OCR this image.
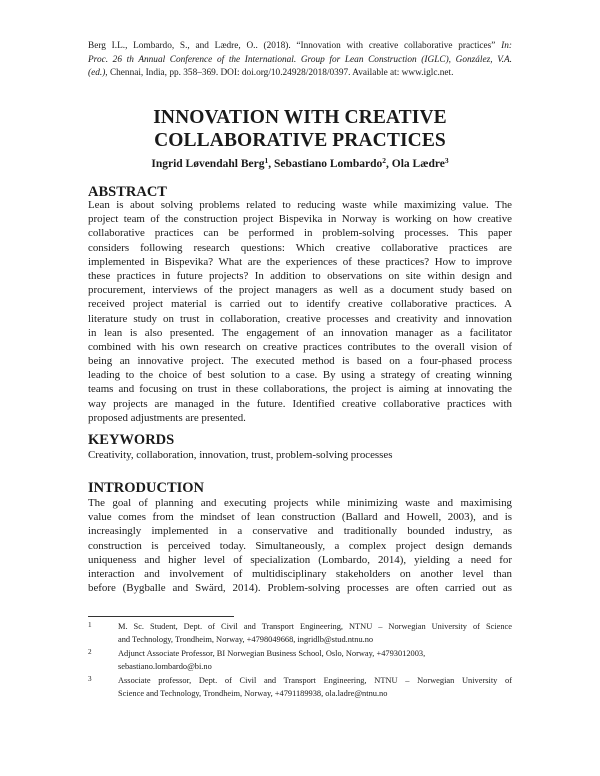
Berg I.L., Lombardo, S., and Lædre, O.. (2018). “Innovation with creative collaborative practices” In:
Proc. 26 th Annual Conference of the International. Group for Lean Construction (IGLC), González, V.A.
(ed.), Chennai, India, pp. 358–369. DOI: doi.org/10.24928/2018/0397. Available at: www.iglc.net.
INNOVATION WITH CREATIVE
COLLABORATIVE PRACTICES
Ingrid Løvendahl Berg$^1$, Sebastiano Lombardo$^2$, Ola Lædre$^3$
ABSTRACT
Lean is about solving problems related to reducing waste while maximizing value. The
project team of the construction project Bispevika in Norway is working on how creative
collaborative practices can be performed in problem-solving processes. This paper
considers following research questions: Which creative collaborative practices are
implemented in Bispevika? What are the experiences of these practices? How to improve
these practices in future projects? In addition to observations on site within design and
procurement, interviews of the project managers as well as a document study based on
received project material is carried out to identify creative collaborative practices. A
literature study on trust in collaboration, creative processes and creativity and innovation
in lean is also presented. The engagement of an innovation manager as a facilitator
combined with his own research on creative practices contributes to the overall vision of
being an innovative project. The executed method is based on a four-phased process
leading to the choice of best solution to a case. By using a strategy of creating winning
teams and focusing on trust in these collaborations, the project is aiming at innovating the
way projects are managed in the future. Identified creative collaborative practices with
proposed adjustments are presented.
KEYWORDS
Creativity, collaboration, innovation, trust, problem-solving processes
INTRODUCTION
The goal of planning and executing projects while minimizing waste and maximising
value comes from the mindset of lean construction (Ballard and Howell, 2003), and is
increasingly implemented in a conservative and traditionally bounded industry, as
construction is perceived today. Simultaneously, a complex project design demands
uniqueness and higher level of specialization (Lombardo, 2014), yielding a need for
interaction and involvement of multidisciplinary stakeholders on another level than
before (Bygballe and Swärd, 2014). Problem-solving processes are often carried out as
1	M. Sc. Student, Dept. of Civil and Transport Engineering, NTNU – Norwegian University of Science
and Technology, Trondheim, Norway, +4798049668, ingridlb@stud.ntnu.no
2	Adjunct Associate Professor, BI Norwegian Business School, Oslo, Norway, +4793012003,
sebastiano.lombardo@bi.no
3	Associate professor, Dept. of Civil and Transport Engineering, NTNU – Norwegian University of
Science and Technology, Trondheim, Norway, +4791189938, ola.ladre@ntnu.no
